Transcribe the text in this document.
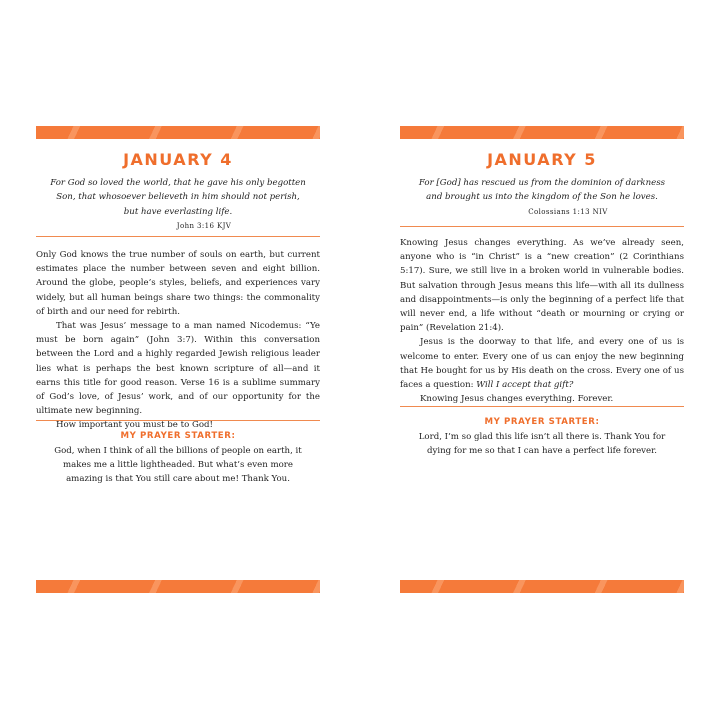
JANUARY 4
For God so loved the world, that he gave his only begotten Son, that whosoever believeth in him should not perish, but have everlasting life.
John 3:16 KJV

Only God knows the true number of souls on earth, but current estimates place the number between seven and eight billion. Around the globe, people’s styles, beliefs, and experiences vary widely, but all human beings share two things: the commonality of birth and our need for rebirth.

That was Jesus’ message to a man named Nicodemus: “Ye must be born again” (John 3:7). Within this conversation between the Lord and a highly regarded Jewish religious leader lies what is perhaps the best known scripture of all—and it earns this title for good reason. Verse 16 is a sublime summary of God’s love, of Jesus’ work, and of our opportunity for the ultimate new beginning.

How important you must be to God!

MY PRAYER STARTER:
God, when I think of all the billions of people on earth, it makes me a little lightheaded. But what’s even more amazing is that You still care about me! Thank You.
JANUARY 5
For [God] has rescued us from the dominion of darkness and brought us into the kingdom of the Son he loves.
Colossians 1:13 NIV

Knowing Jesus changes everything. As we’ve already seen, anyone who is “in Christ” is a “new creation” (2 Corinthians 5:17). Sure, we still live in a broken world in vulnerable bodies. But salvation through Jesus means this life—with all its dullness and disappointments—is only the beginning of a perfect life that will never end, a life without “death or mourning or crying or pain” (Revelation 21:4).

Jesus is the doorway to that life, and every one of us is welcome to enter. Every one of us can enjoy the new beginning that He bought for us by His death on the cross. Every one of us faces a question: Will I accept that gift?

Knowing Jesus changes everything. Forever.

MY PRAYER STARTER:
Lord, I’m so glad this life isn’t all there is. Thank You for dying for me so that I can have a perfect life forever.
